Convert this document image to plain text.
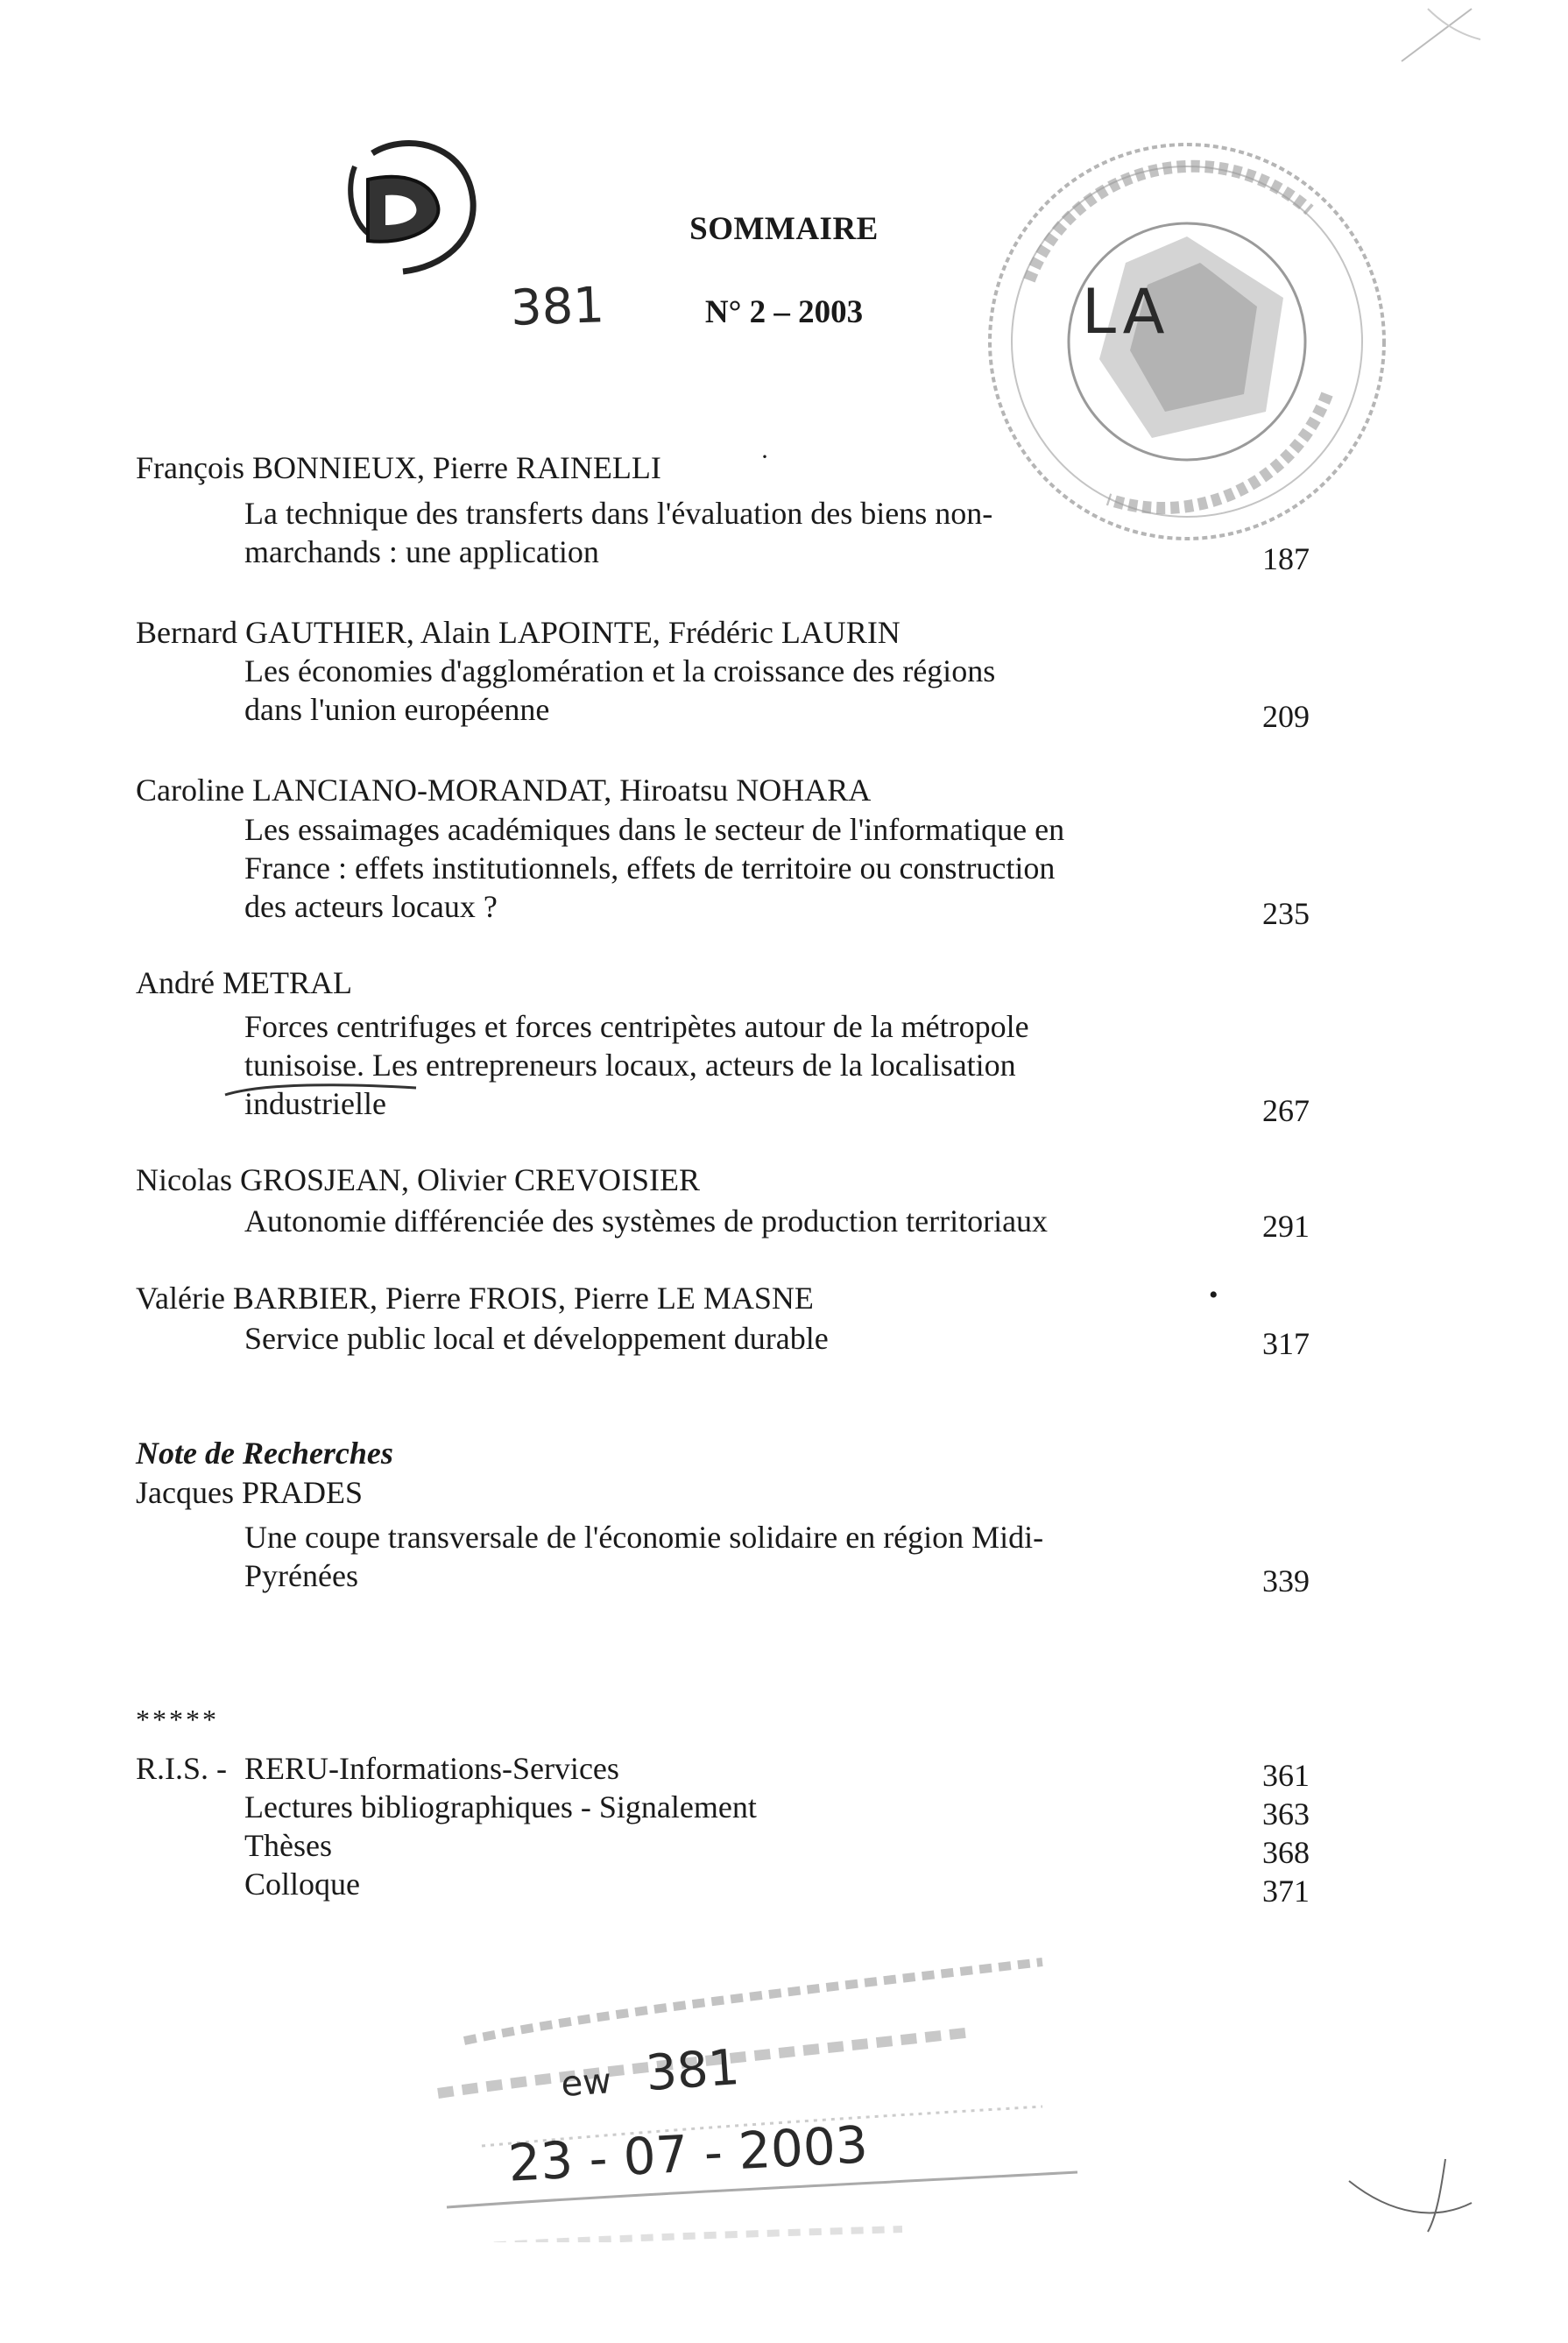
381
SOMMAIRE
N° 2 – 2003	LA
François BONNIEUX, Pierre RAINELLI	·
La technique des transferts dans l'évaluation des biens non-
marchands : une application	187
Bernard GAUTHIER, Alain LAPOINTE, Frédéric LAURIN
Les économies d'agglomération et la croissance des régions
dans l'union européenne	209
Caroline LANCIANO-MORANDAT, Hiroatsu NOHARA
Les essaimages académiques dans le secteur de l'informatique en
France : effets institutionnels, effets de territoire ou construction
des acteurs locaux ?	235
André METRAL
Forces centrifuges et forces centripètes autour de la métropole
tunisoise. Les entrepreneurs locaux, acteurs de la localisation
industrielle	267
Nicolas GROSJEAN, Olivier CREVOISIER
Autonomie différenciée des systèmes de production territoriaux	291
Valérie BARBIER, Pierre FROIS, Pierre LE MASNE	•
Service public local et développement durable	317
Note de Recherches
Jacques PRADES
Une coupe transversale de l'économie solidaire en région Midi-
Pyrénées	339
*****
R.I.S. - RERU-Informations-Services	361
Lectures bibliographiques - Signalement	363
Thèses	368
Colloque	371
ew 381
23 - 07 - 2003
